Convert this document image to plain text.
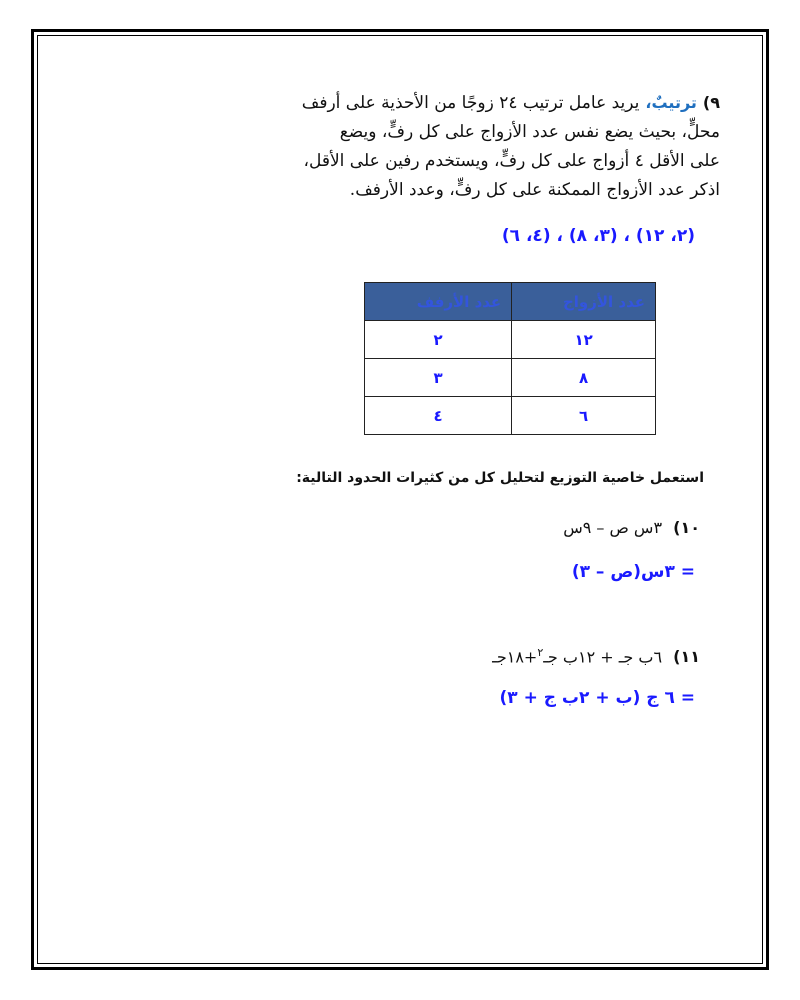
٩)ترتيبٌ،يريد عامل ترتيب ٢٤ زوجًا من الأحذية على أرفف
محلٍّ، بحيث يضع نفس عدد الأزواج على كل رفٍّ، ويضع
على الأقل ٤ أزواج على كل رفٍّ، ويستخدم رفين على الأقل،
اذكر عدد الأزواج الممكنة على كل رفٍّ، وعدد الأرفف.
(٢، ١٢) ، (٣، ٨) ، (٤، ٦)
عدد الأزواج	عدد الأرفف
١٢	٢
٨	٣
٦	٤
استعمل خاصية التوزيع لتحليل كل من كثيرات الحدود التالية:
١٠) ٣س ص – ٩س
= ٣س(ص – ٣)
١١) ٦ب جـ + ١٢ب جـ$^٢$+١٨جـ
= ٦ ج (ب + ٢ب ج + ٣)
